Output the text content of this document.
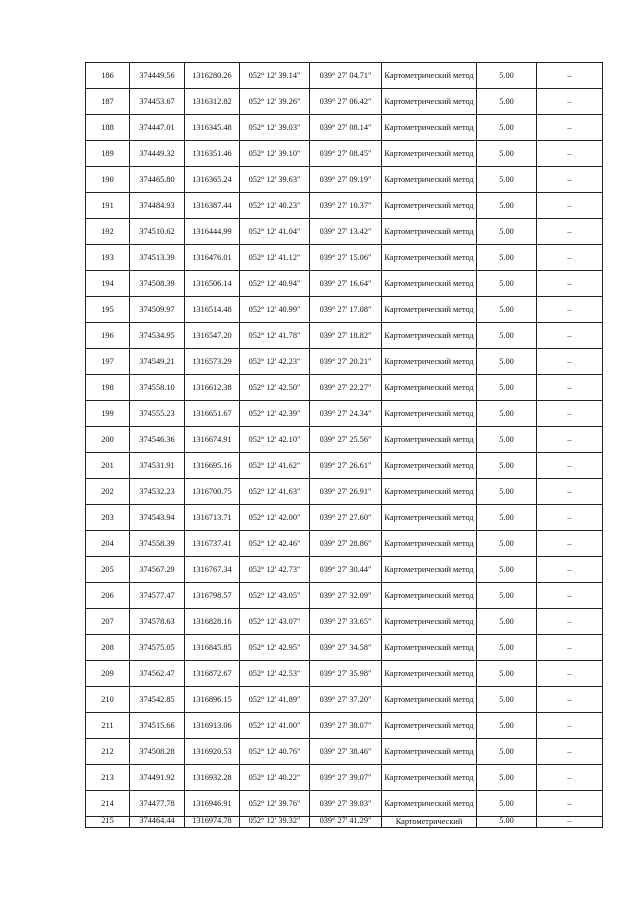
186	374449.56	1316280.26	052° 12' 39.14"	039° 27' 04.71"	Картометрический метод	5.00	–
187	374453.67	1316312.82	052° 12' 39.26"	039° 27' 06.42"	Картометрический метод	5.00	–
188	374447.01	1316345.48	052° 12' 39.03"	039° 27' 08.14"	Картометрический метод	5.00	–
189	374449.32	1316351.46	052° 12' 39.10"	039° 27' 08.45"	Картометрический метод	5.00	–
190	374465.80	1316365.24	052° 12' 39.63"	039° 27' 09.19"	Картометрический метод	5.00	–
191	374484.93	1316387.44	052° 12' 40.23"	039° 27' 10.37"	Картометрический метод	5.00	–
192	374510.62	1316444.99	052° 12' 41.04"	039° 27' 13.42"	Картометрический метод	5.00	–
193	374513.39	1316476.01	052° 12' 41.12"	039° 27' 15.06"	Картометрический метод	5.00	–
194	374508.39	1316506.14	052° 12' 40.94"	039° 27' 16.64"	Картометрический метод	5.00	–
195	374509.97	1316514.48	052° 12' 40.99"	039° 27' 17.08"	Картометрический метод	5.00	–
196	374534.95	1316547.20	052° 12' 41.78"	039° 27' 18.82"	Картометрический метод	5.00	–
197	374549.21	1316573.29	052° 12' 42.23"	039° 27' 20.21"	Картометрический метод	5.00	–
198	374558.10	1316612.38	052° 12' 42.50"	039° 27' 22.27"	Картометрический метод	5.00	–
199	374555.23	1316651.67	052° 12' 42.39"	039° 27' 24.34"	Картометрический метод	5.00	–
200	374546.36	1316674.91	052° 12' 42.10"	039° 27' 25.56"	Картометрический метод	5.00	–
201	374531.91	1316695.16	052° 12' 41.62"	039° 27' 26.61"	Картометрический метод	5.00	–
202	374532.23	1316700.75	052° 12' 41.63"	039° 27' 26.91"	Картометрический метод	5.00	–
203	374543.94	1316713.71	052° 12' 42.00"	039° 27' 27.60"	Картометрический метод	5.00	–
204	374558.39	1316737.41	052° 12' 42.46"	039° 27' 28.86"	Картометрический метод	5.00	–
205	374567.29	1316767.34	052° 12' 42.73"	039° 27' 30.44"	Картометрический метод	5.00	–
206	374577.47	1316798.57	052° 12' 43.05"	039° 27' 32.09"	Картометрический метод	5.00	–
207	374578.63	1316828.16	052° 12' 43.07"	039° 27' 33.65"	Картометрический метод	5.00	–
208	374575.05	1316845.85	052° 12' 42.95"	039° 27' 34.58"	Картометрический метод	5.00	–
209	374562.47	1316872.67	052° 12' 42.53"	039° 27' 35.98"	Картометрический метод	5.00	–
210	374542.85	1316896.15	052° 12' 41.89"	039° 27' 37.20"	Картометрический метод	5.00	–
211	374515.66	1316913.06	052° 12' 41.00"	039° 27' 38.07"	Картометрический метод	5.00	–
212	374508.28	1316920.53	052° 12' 40.76"	039° 27' 38.46"	Картометрический метод	5.00	–
213	374491.92	1316932.28	052° 12' 40.22"	039° 27' 39.07"	Картометрический метод	5.00	–
214	374477.78	1316946.91	052° 12' 39.76"	039° 27' 39.83"	Картометрический метод	5.00	–
215	374464.44	1316974.78	052° 12' 39.32"	039° 27' 41.29"	Картометрический	5.00	–
